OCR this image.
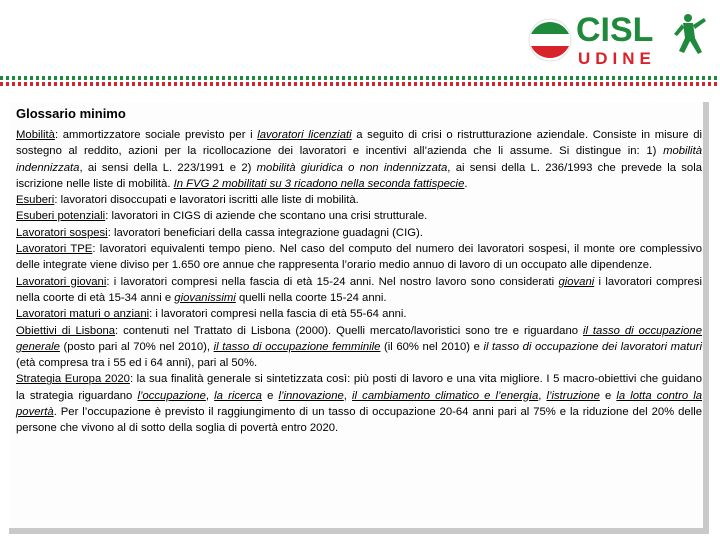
CISL
UDINE
Glossario minimo

Mobilità: ammortizzatore sociale previsto per i lavoratori licenziati a seguito di crisi o ristrutturazione aziendale. Consiste in misure di sostegno al reddito, azioni per la ricollocazione dei lavoratori e incentivi all’azienda che li assume. Si distingue in: 1) mobilità indennizzata, ai sensi della L. 223/1991 e 2) mobilità giuridica o non indennizzata, ai sensi della L. 236/1993 che prevede la sola iscrizione nelle liste di mobilità. In FVG 2 mobilitati su 3 ricadono nella seconda fattispecie.

Esuberi: lavoratori disoccupati e lavoratori iscritti alle liste di mobilità.

Esuberi potenziali: lavoratori in CIGS di aziende che scontano una crisi strutturale.

Lavoratori sospesi: lavoratori beneficiari della cassa integrazione guadagni (CIG).

Lavoratori TPE: lavoratori equivalenti tempo pieno. Nel caso del computo del numero dei lavoratori sospesi, il monte ore complessivo delle integrate viene diviso per 1.650 ore annue che rappresenta l’orario medio annuo di lavoro di un occupato alle dipendenze.

Lavoratori giovani: i lavoratori compresi nella fascia di età 15-24 anni. Nel nostro lavoro sono considerati giovani i lavoratori compresi nella coorte di età 15-34 anni e giovanissimi quelli nella coorte 15-24 anni.

Lavoratori maturi o anziani: i lavoratori compresi nella fascia di età 55-64 anni.

Obiettivi di Lisbona: contenuti nel Trattato di Lisbona (2000). Quelli mercato/lavoristici sono tre e riguardano il tasso di occupazione generale (posto pari al 70% nel 2010), il tasso di occupazione femminile (il 60% nel 2010) e il tasso di occupazione dei lavoratori maturi (età compresa tra i 55 ed i 64 anni), pari al 50%.

Strategia Europa 2020: la sua finalità generale si sintetizzata così: più posti di lavoro e una vita migliore. I 5 macro-obiettivi che guidano la strategia riguardano l’occupazione, la ricerca e l’innovazione, il cambiamento climatico e l’energia, l’istruzione e la lotta contro la povertà. Per l’occupazione è previsto il raggiungimento di un tasso di occupazione 20-64 anni pari al 75% e la riduzione del 20% delle persone che vivono al di sotto della soglia di povertà entro 2020.
